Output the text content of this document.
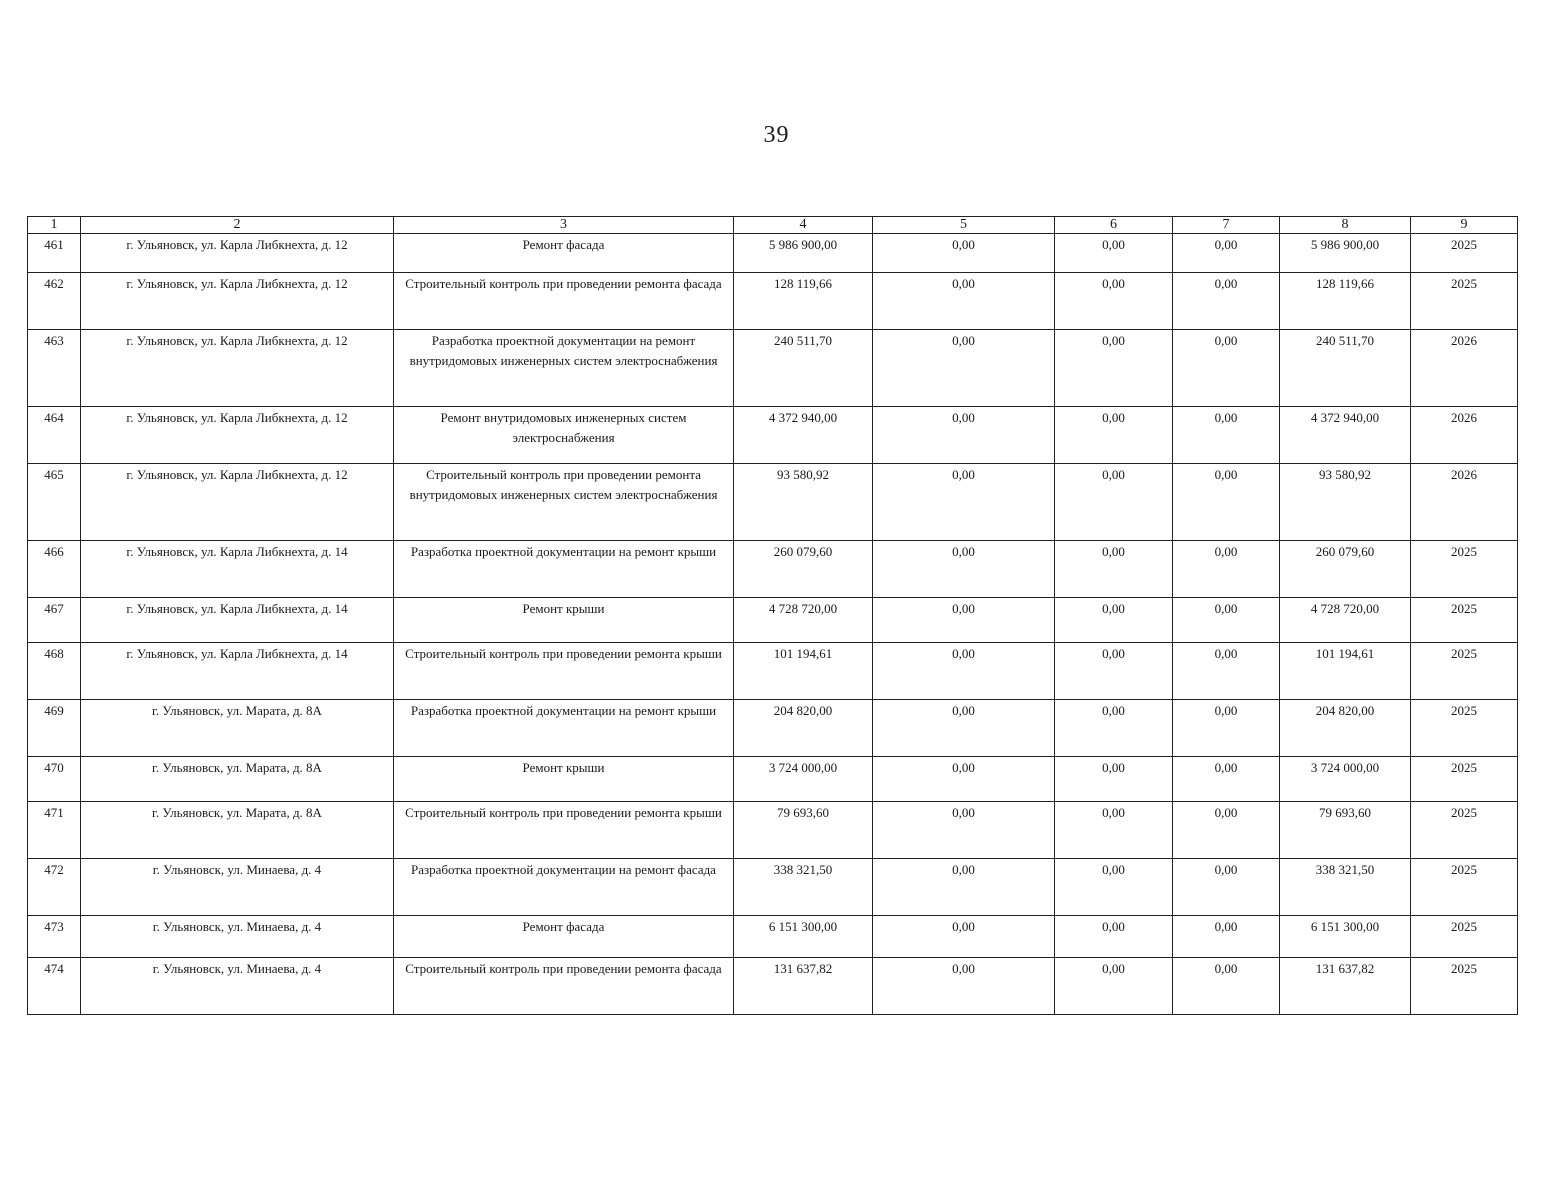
39
1	2	3	4	5	6	7	8	9
461	г. Ульяновск, ул. Карла Либкнехта, д. 12	Ремонт фасада	5 986 900,00	0,00	0,00	0,00	5 986 900,00	2025
462	г. Ульяновск, ул. Карла Либкнехта, д. 12	Строительный контроль при проведении ремонта фасада	128 119,66	0,00	0,00	0,00	128 119,66	2025
463	г. Ульяновск, ул. Карла Либкнехта, д. 12	Разработка проектной документации на ремонт внутридомовых инженерных систем электроснабжения	240 511,70	0,00	0,00	0,00	240 511,70	2026
464	г. Ульяновск, ул. Карла Либкнехта, д. 12	Ремонт внутридомовых инженерных систем электроснабжения	4 372 940,00	0,00	0,00	0,00	4 372 940,00	2026
465	г. Ульяновск, ул. Карла Либкнехта, д. 12	Строительный контроль при проведении ремонта внутридомовых инженерных систем электроснабжения	93 580,92	0,00	0,00	0,00	93 580,92	2026
466	г. Ульяновск, ул. Карла Либкнехта, д. 14	Разработка проектной документации на ремонт крыши	260 079,60	0,00	0,00	0,00	260 079,60	2025
467	г. Ульяновск, ул. Карла Либкнехта, д. 14	Ремонт крыши	4 728 720,00	0,00	0,00	0,00	4 728 720,00	2025
468	г. Ульяновск, ул. Карла Либкнехта, д. 14	Строительный контроль при проведении ремонта крыши	101 194,61	0,00	0,00	0,00	101 194,61	2025
469	г. Ульяновск, ул. Марата, д. 8А	Разработка проектной документации на ремонт крыши	204 820,00	0,00	0,00	0,00	204 820,00	2025
470	г. Ульяновск, ул. Марата, д. 8А	Ремонт крыши	3 724 000,00	0,00	0,00	0,00	3 724 000,00	2025
471	г. Ульяновск, ул. Марата, д. 8А	Строительный контроль при проведении ремонта крыши	79 693,60	0,00	0,00	0,00	79 693,60	2025
472	г. Ульяновск, ул. Минаева, д. 4	Разработка проектной документации на ремонт фасада	338 321,50	0,00	0,00	0,00	338 321,50	2025
473	г. Ульяновск, ул. Минаева, д. 4	Ремонт фасада	6 151 300,00	0,00	0,00	0,00	6 151 300,00	2025
474	г. Ульяновск, ул. Минаева, д. 4	Строительный контроль при проведении ремонта фасада	131 637,82	0,00	0,00	0,00	131 637,82	2025
